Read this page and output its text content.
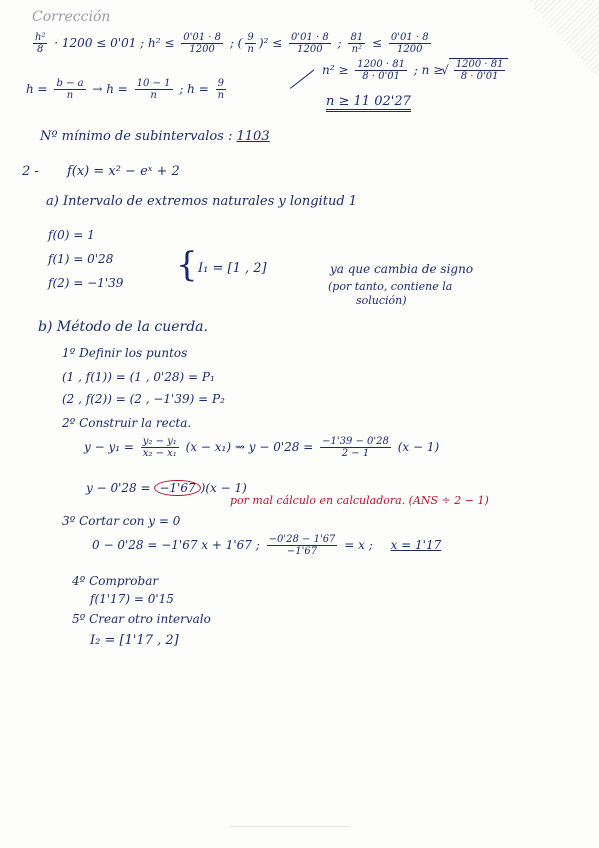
Corrección
$\frac{\text{h²}}{8} \cdot 1200 \le 0'01$ ; $h^2 \le \frac{0'01 \cdot 8}{1200}$ ; ( $\frac{9}{n} )^2 \le \frac{0'01 \cdot 8}{1200}$ ; $\frac{81}{\text{n²}} \le \frac{0'01 \cdot 8}{1200}$
$h = \frac{b - a}{n} \to h = \frac{10 - 1}{n}$ ; $h = \frac{9}{n}$
$n^2 \ge \frac{1200 \cdot 81}{8 \cdot 0'01}$ ; n ≥
√ $\frac{1200 \cdot 81}{8 \cdot 0'01}$
n ≥ 11 02'27
Nº mínimo de subintervalos : 1103
2 - f(x) = x² − eˣ + 2
a) Intervalo de extremos naturales y longitud 1
f(0) = 1
f(1) = 0'28
f(2) = −1'39 { I₁ = [1 , 2]	ya que cambia de signo
(por tanto, contiene la
solución)
b) Método de la cuerda.
1º Definir los puntos
(1 , f(1)) = (1 , 0'28) = P₁
(2 , f(2)) = (2 , −1'39) = P₂
2º Construir la recta.
$y - y_1 = \frac{\text{y₂ − y₁}}{\text{x₂ − x₁}} (x - x_1)$ ⇝ $y - 0'28 = \frac{-1'39 - 0'28}{2 - 1} (x - 1)$
y − 0'28 = −1'67 )(x − 1)
por mal cálculo en calculadora. (ANS ÷ 2 − 1)
3º Cortar con y = 0
0 − 0'28 = −1'67 x + 1'67 ; $\frac{-0'28 - 1'67}{-1'67} = x$ ; x = 1'17
4º Comprobar
f(1'17) = 0'15
5º Crear otro intervalo
I₂ = [1'17 , 2]
